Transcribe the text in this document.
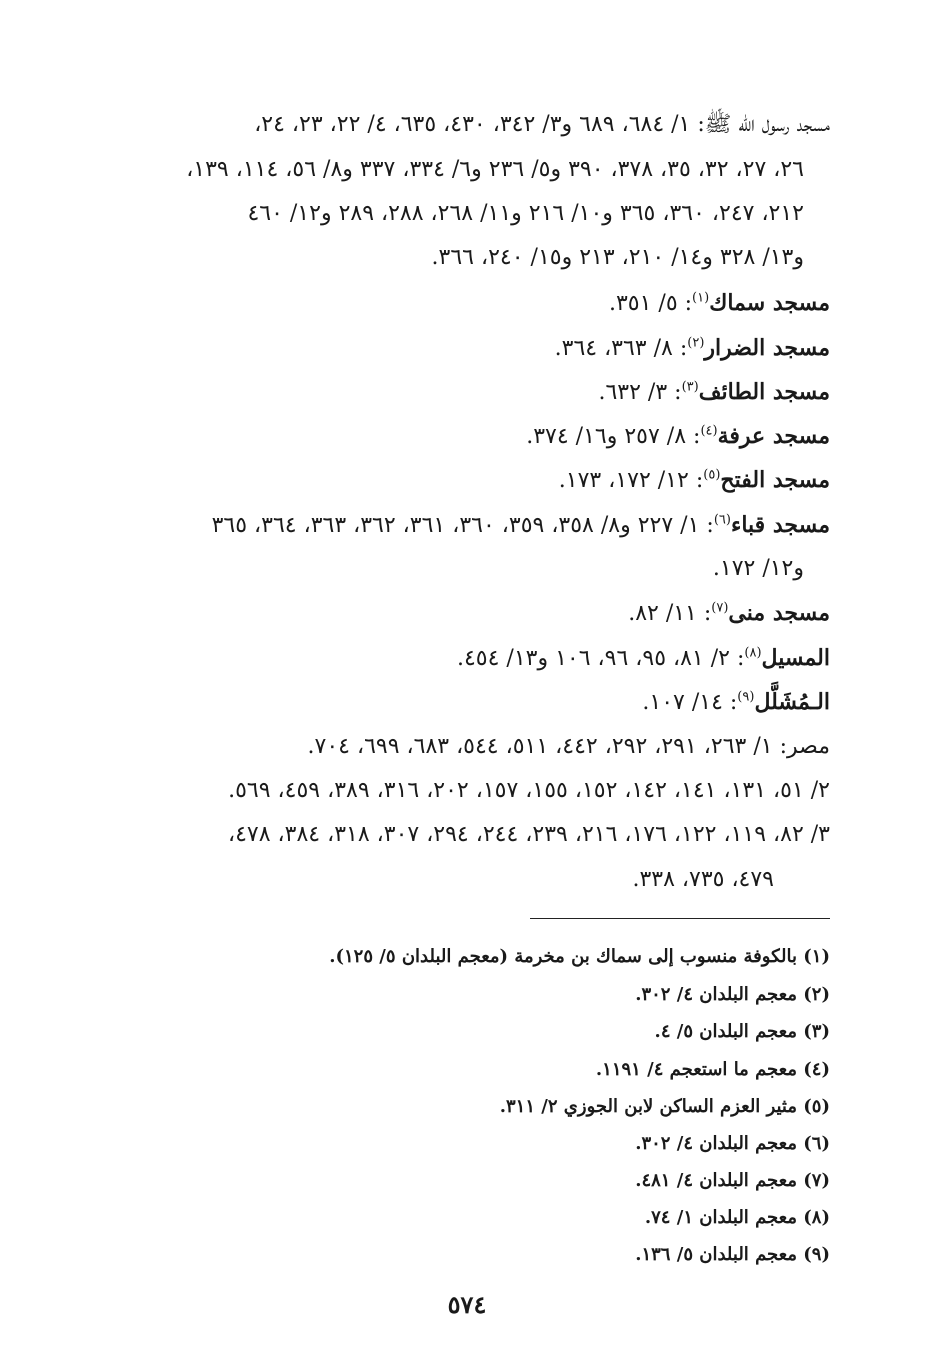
مسجد رسول الله ﷺ: ١/ ٦٨٤، ٦٨٩ و٣/ ٣٤٢، ٤٣٠، ٦٣٥، ٤/ ٢٢، ٢٣، ٢٤،
٢٦، ٢٧، ٣٢، ٣٥، ٣٧٨، ٣٩٠ و٥/ ٢٣٦ و٦/ ٣٣٤، ٣٣٧ و٨/ ٥٦، ١١٤، ١٣٩،
٢١٢، ٢٤٧، ٣٦٠، ٣٦٥ و١٠/ ٢١٦ و١١/ ٢٦٨، ٢٨٨، ٢٨٩ و١٢/ ٤٦٠
و١٣/ ٣٢٨ و١٤/ ٢١٠، ٢١٣ و١٥/ ٢٤٠، ٣٦٦.
مسجد سماك$^{(١)}$: ٥/ ٣٥١.
مسجد الضرار$^{(٢)}$: ٨/ ٣٦٣، ٣٦٤.
مسجد الطائف$^{(٣)}$: ٣/ ٦٣٢.
مسجد عرفة$^{(٤)}$: ٨/ ٢٥٧ و١٦/ ٣٧٤.
مسجد الفتح$^{(٥)}$: ١٢/ ١٧٢، ١٧٣.
مسجد قباء$^{(٦)}$: ١/ ٢٢٧ و٨/ ٣٥٨، ٣٥٩، ٣٦٠، ٣٦١، ٣٦٢، ٣٦٣، ٣٦٤، ٣٦٥
و١٢/ ١٧٢.
مسجد منى$^{(٧)}$: ١١/ ٨٢.
المسيل$^{(٨)}$: ٢/ ٨١، ٩٥، ٩٦، ١٠٦ و١٣/ ٤٥٤.
الـمُشَلَّل$^{(٩)}$: ١٤/ ١٠٧.
مصر: ١/ ٢٦٣، ٢٩١، ٢٩٢، ٤٤٢، ٥١١، ٥٤٤، ٦٨٣، ٦٩٩، ٧٠٤.
٢/ ٥١، ١٣١، ١٤١، ١٤٢، ١٥٢، ١٥٥، ١٥٧، ٢٠٢، ٣١٦، ٣٨٩، ٤٥٩، ٥٦٩.
٣/ ٨٢، ١١٩، ١٢٢، ١٧٦، ٢١٦، ٢٣٩، ٢٤٤، ٢٩٤، ٣٠٧، ٣١٨، ٣٨٤، ٤٧٨،
٤٧٩، ٧٣٥، ٣٣٨.
(١) بالكوفة منسوب إلى سماك بن مخرمة (معجم البلدان ٥/ ١٢٥).
(٢) معجم البلدان ٤/ ٣٠٢.
(٣) معجم البلدان ٥/ ٤.
(٤) معجم ما استعجم ٤/ ١١٩١.
(٥) مثير العزم الساكن لابن الجوزي ٢/ ٣١١.
(٦) معجم البلدان ٤/ ٣٠٢.
(٧) معجم البلدان ٤/ ٤٨١.
(٨) معجم البلدان ١/ ٧٤.
(٩) معجم البلدان ٥/ ١٣٦.
٥٧٤
